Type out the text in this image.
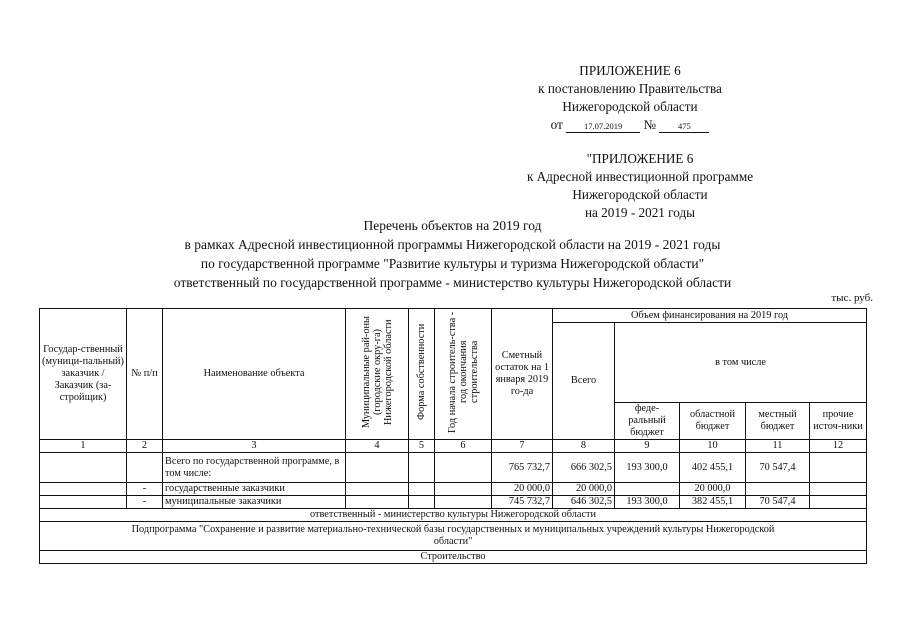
ПРИЛОЖЕНИЕ 6
к постановлению Правительства
Нижегородской области
от 17.07.2019 №	475
"ПРИЛОЖЕНИЕ 6
к Адресной инвестиционной программе
Нижегородской области
на 2019 - 2021 годы
Перечень объектов на 2019 год
в рамках Адресной инвестиционной программы Нижегородской области на 2019 - 2021 годы
по государственной программе "Развитие культуры и туризма Нижегородской области"
ответственный по государственной программе - министерство культуры Нижегородской области
тыс. руб.
Государ-ственный (муници-пальный) заказчик / Заказчик (за-стройщик)	№ п/п	Наименование объекта	Муниципальные рай-оны (городские окру-га) Нижегородской области	Форма собственности	Год начала строитель-ства - год окончания строительства	Сметный остаток на 1 января 2019 го-да	Объем финансирования на 2019 год				
							Всего	в том числе			
								феде-ральный бюджет	областной бюджет	местный бюджет	прочие источ-ники
1	2	3	4	5	6	7	8	9	10	11	12
		Всего по государственной программе, в том числе:				765 732,7	666 302,5	193 300,0	402 455,1	70 547,4	
	-	государственные заказчики				20 000,0	20 000,0		20 000,0		
	-	муниципальные заказчики				745 732,7	646 302,5	193 300,0	382 455,1	70 547,4	
ответственный - министерство культуры Нижегородской области											
Подпрограмма "Сохранение и развитие материально-технической базы государственных и муниципальных учреждений культуры Нижегородской области"											
Строительство											
